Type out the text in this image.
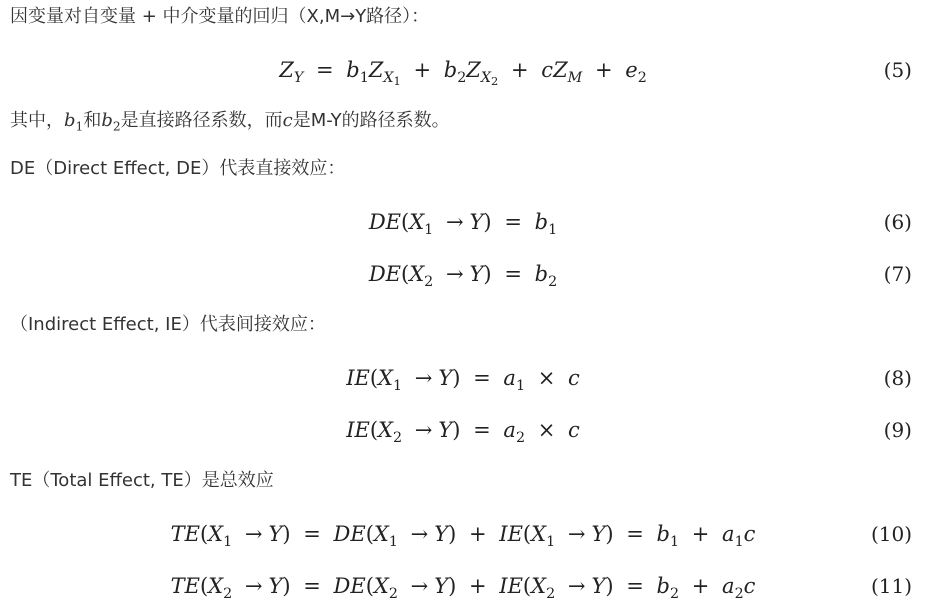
因变量对自变量 + 中介变量的回归（X,M→Y路径）：
$Z_Y = b_1Z_{X_1} + b_2Z_{X_2} + cZ_M + e_2$	(5)
其中，$b_1$和$b_2$是直接路径系数，而c是M-Y的路径系数。
DE（Direct Effect, DE）代表直接效应：
$DE(X_1 \to Y) = b_1$	(6)
$DE(X_2 \to Y) = b_2$	(7)
（Indirect Effect, IE）代表间接效应：
$IE(X_1 \to Y) = a_1 \times c$	(8)
$IE(X_2 \to Y) = a_2 \times c$	(9)
TE（Total Effect, TE）是总效应
$TE(X_1 \to Y) = DE(X_1 \to Y) + IE(X_1 \to Y) = b_1 + a_1c$	(10)
$TE(X_2 \to Y) = DE(X_2 \to Y) + IE(X_2 \to Y) = b_2 + a_2c$	(11)
